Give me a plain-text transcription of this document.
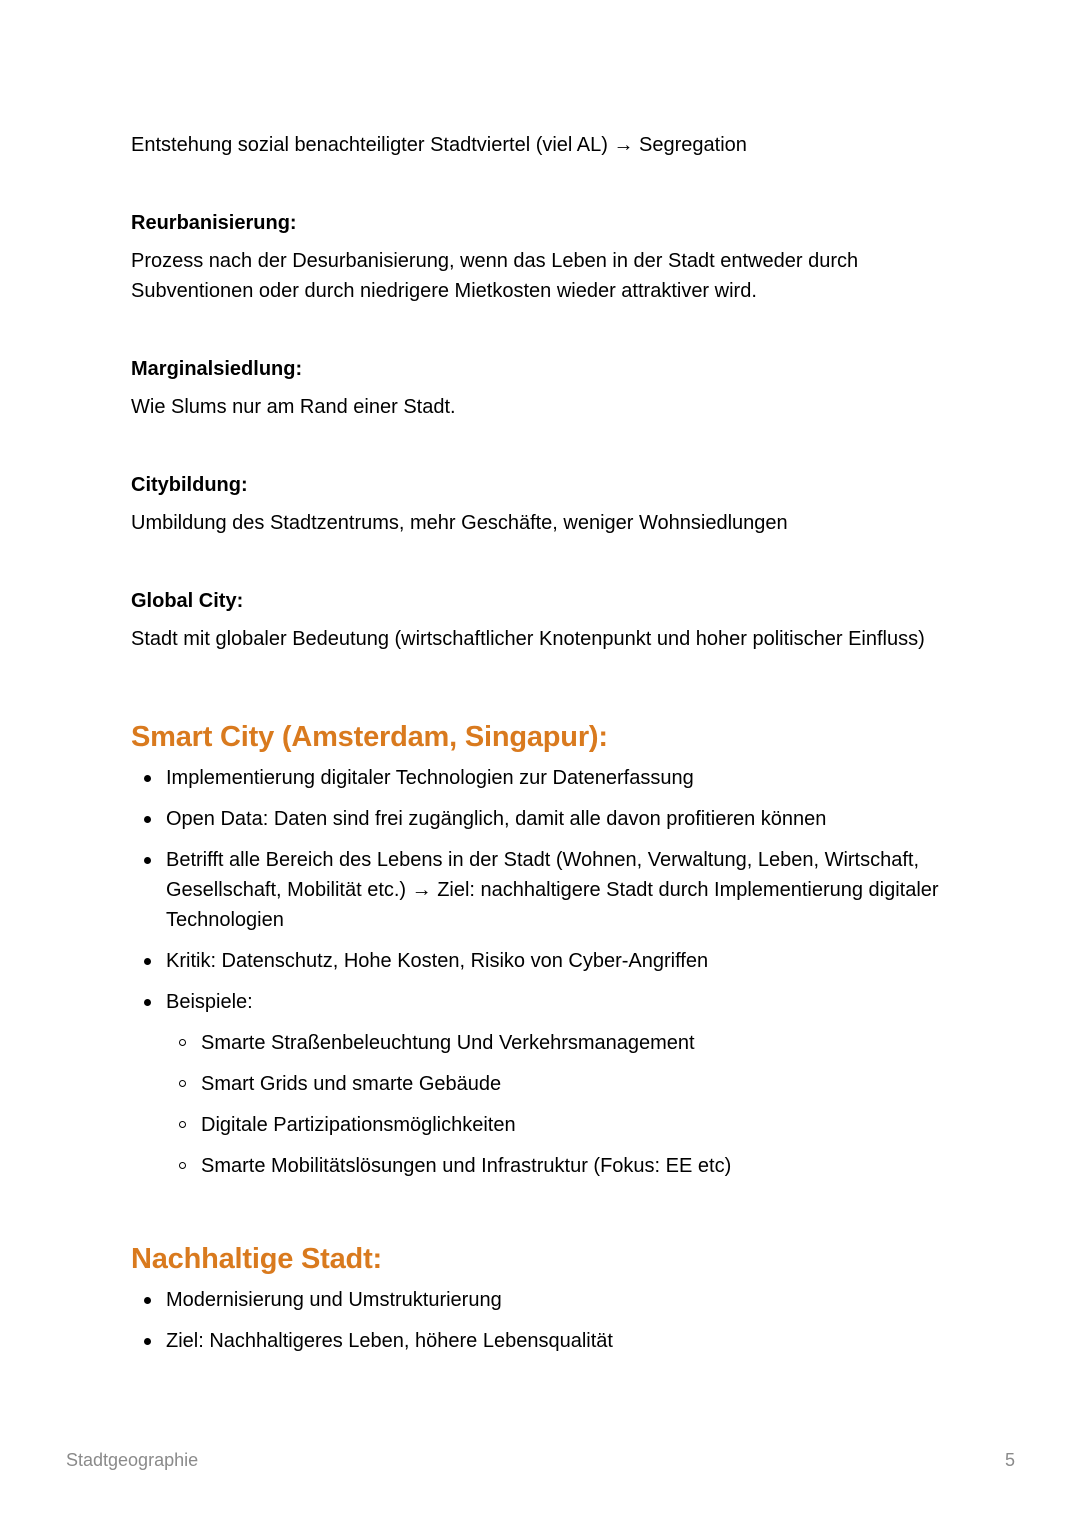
Entstehung sozial benachteiligter Stadtviertel (viel AL) → Segregation

Reurbanisierung:

Prozess nach der Desurbanisierung, wenn das Leben in der Stadt entweder durch Subventionen oder durch niedrigere Mietkosten wieder attraktiver wird.

Marginalsiedlung:

Wie Slums nur am Rand einer Stadt.

Citybildung:

Umbildung des Stadtzentrums, mehr Geschäfte, weniger Wohnsiedlungen

Global City:

Stadt mit globaler Bedeutung (wirtschaftlicher Knotenpunkt und hoher politischer Einfluss)

Smart City (Amsterdam, Singapur):
Implementierung digitaler Technologien zur Datenerfassung
Open Data: Daten sind frei zugänglich, damit alle davon profitieren können
Betrifft alle Bereich des Lebens in der Stadt (Wohnen, Verwaltung, Leben, Wirtschaft, Gesellschaft, Mobilität etc.) → Ziel: nachhaltigere Stadt durch Implementierung digitaler Technologien
Kritik: Datenschutz, Hohe Kosten, Risiko von Cyber-Angriffen
Beispiele:
Smarte Straßenbeleuchtung Und Verkehrsmanagement
Smart Grids und smarte Gebäude
Digitale Partizipationsmöglichkeiten
Smarte Mobilitätslösungen und Infrastruktur (Fokus: EE etc)
Nachhaltige Stadt:
Modernisierung und Umstrukturierung
Ziel: Nachhaltigeres Leben, höhere Lebensqualität
Stadtgeographie	5
